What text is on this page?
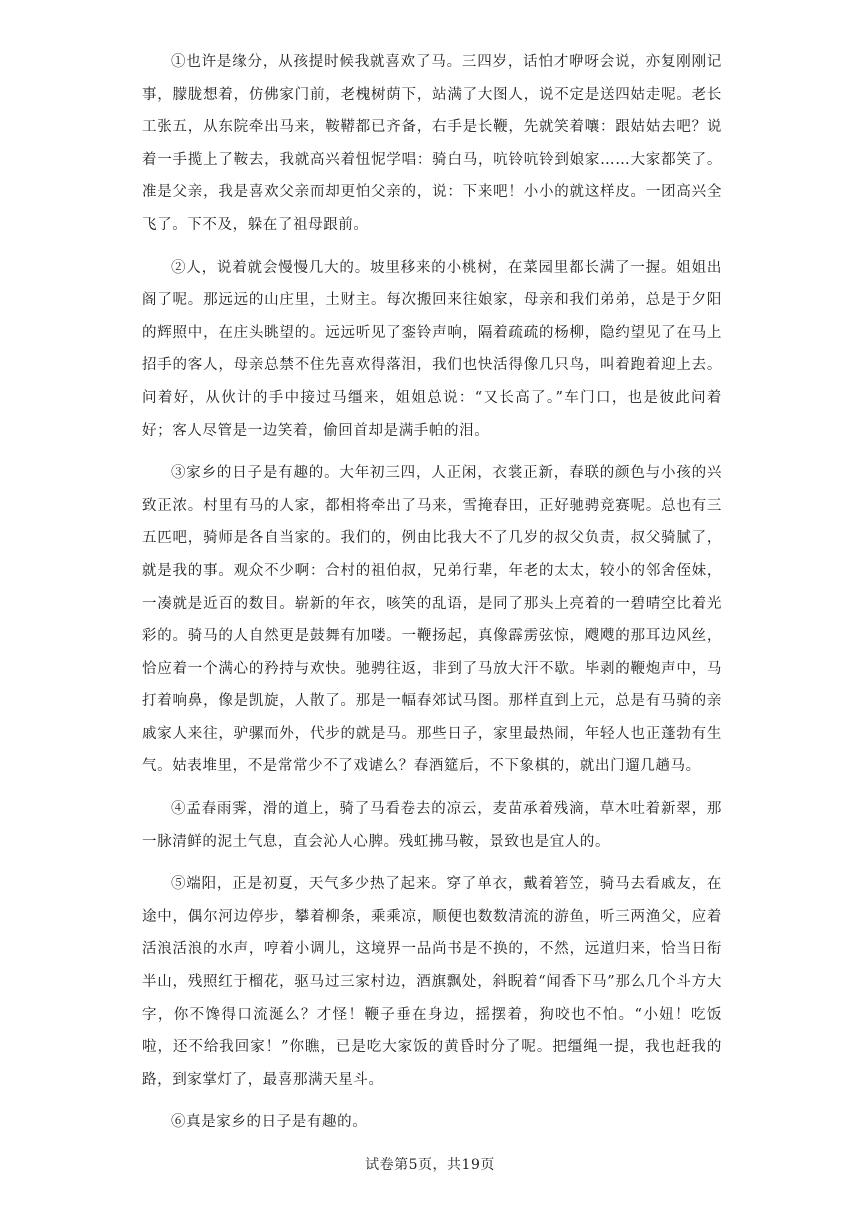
①也许是缘分，从孩提时候我就喜欢了马。三四岁，话怕才咿呀会说，亦复刚刚记事，朦胧想着，仿佛家门前，老槐树荫下，站满了大图人，说不定是送四姑走呢。老长工张五，从东院牵出马来，鞍鞯都已齐备，右手是长鞭，先就笑着嚷：跟姑姑去吧？说着一手揽上了鞍去，我就高兴着忸怩学唱：骑白马，吭铃吭铃到娘家……大家都笑了。准是父亲，我是喜欢父亲而却更怕父亲的，说：下来吧！小小的就这样皮。一团高兴全飞了。下不及，躲在了祖母跟前。

②人，说着就会慢慢几大的。坡里移来的小桃树，在菜园里都长满了一握。姐姐出阁了呢。那远远的山庄里，土财主。每次搬回来往娘家，母亲和我们弟弟，总是于夕阳的辉照中，在庄头眺望的。远远听见了銮铃声响，隔着疏疏的杨柳，隐约望见了在马上招手的客人，母亲总禁不住先喜欢得落泪，我们也快活得像几只鸟，叫着跑着迎上去。问着好，从伙计的手中接过马缰来，姐姐总说：“又长高了。”车门口，也是彼此问着好；客人尽管是一边笑着，偷回首却是满手帕的泪。

③家乡的日子是有趣的。大年初三四，人正闲，衣裳正新，春联的颜色与小孩的兴致正浓。村里有马的人家，都相将牵出了马来，雪掩春田，正好驰骋竞赛呢。总也有三五匹吧，骑师是各自当家的。我们的，例由比我大不了几岁的叔父负责，叔父骑腻了，就是我的事。观众不少啊：合村的祖伯叔，兄弟行辈，年老的太太，较小的邻舍侄妹，一凑就是近百的数目。崭新的年衣，咳笑的乱语，是同了那头上亮着的一碧晴空比着光彩的。骑马的人自然更是鼓舞有加喽。一鞭扬起，真像霹雳弦惊，飕飕的那耳边风丝，恰应着一个满心的矜持与欢快。驰骋往返，非到了马放大汗不歇。毕剥的鞭炮声中，马打着响鼻，像是凯旋，人散了。那是一幅春郊试马图。那样直到上元，总是有马骑的亲戚家人来往，驴骡而外，代步的就是马。那些日子，家里最热闹，年轻人也正蓬勃有生气。姑表堆里，不是常常少不了戏谑么？春酒筵后，不下象棋的，就出门遛几趟马。

④孟春雨霁，滑的道上，骑了马看卷去的凉云，麦苗承着残滴，草木吐着新翠，那一脉清鲜的泥土气息，直会沁人心脾。残虹拂马鞍，景致也是宜人的。

⑤端阳，正是初夏，天气多少热了起来。穿了单衣，戴着箬笠，骑马去看戚友，在途中，偶尔河边停步，攀着柳条，乘乘凉，顺便也数数清流的游鱼，听三两渔父，应着活浪活浪的水声，哼着小调儿，这境界一品尚书是不换的，不然，远道归来，恰当日衔半山，残照红于榴花，驱马过三家村边，酒旗飘处，斜睨着“闻香下马”那么几个斗方大字，你不馋得口流涎么？才怪！鞭子垂在身边，摇摆着，狗咬也不怕。“小妞！吃饭啦，还不给我回家！”你瞧，已是吃大家饭的黄昏时分了呢。把缰绳一提，我也赶我的路，到家掌灯了，最喜那满天星斗。

⑥真是家乡的日子是有趣的。

试卷第5页，共19页
